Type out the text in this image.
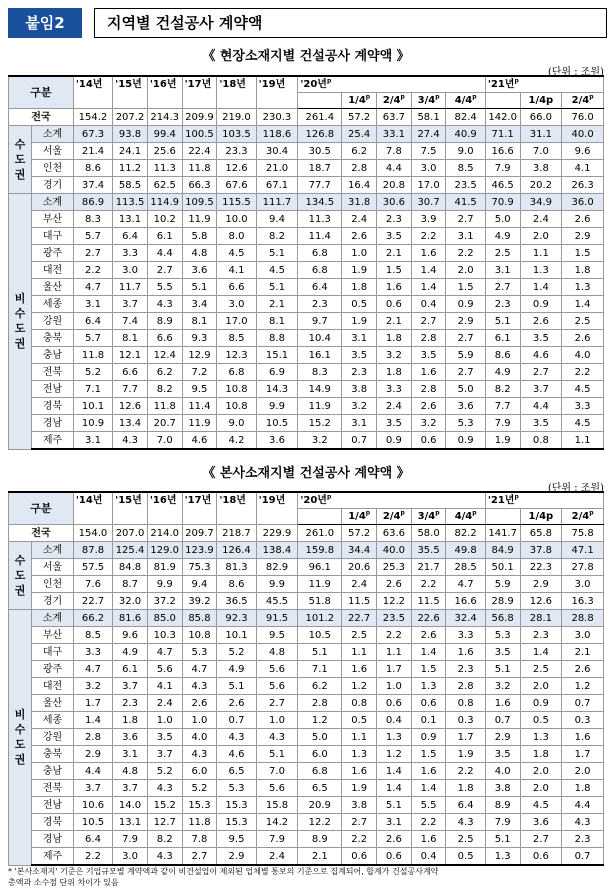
붙임2	지역별 건설공사 계약액
《 현장소재지별 건설공사 계약액 》
(단위 : 조원)
구분		'14년	'15년	'16년	'17년	'18년	'19년	'20년$^p$					'21년$^p$
									1/4$^p$	2/4$^p$	3/4$^p$	4/4$^p$		1/4p	2/4$^p$
전국		154.2	207.2	214.3	209.9	219.0	230.3	261.4	57.2	63.7	58.1	82.4	142.0	66.0	76.0

수도권	소계	67.3	93.8	99.4	100.5	103.5	118.6	126.8	25.4	33.1	27.4	40.9	71.1	31.1	40.0
	서울	21.4	24.1	25.6	22.4	23.3	30.4	30.5	6.2	7.8	7.5	9.0	16.6	7.0	9.6
	인천	8.6	11.2	11.3	11.8	12.6	21.0	18.7	2.8	4.4	3.0	8.5	7.9	3.8	4.1
	경기	37.4	58.5	62.5	66.3	67.6	67.1	77.7	16.4	20.8	17.0	23.5	46.5	20.2	26.3

비수도권	소계	86.9	113.5	114.9	109.5	115.5	111.7	134.5	31.8	30.6	30.7	41.5	70.9	34.9	36.0
	부산	8.3	13.1	10.2	11.9	10.0	9.4	11.3	2.4	2.3	3.9	2.7	5.0	2.4	2.6
	대구	5.7	6.4	6.1	5.8	8.0	8.2	11.4	2.6	3.5	2.2	3.1	4.9	2.0	2.9
	광주	2.7	3.3	4.4	4.8	4.5	5.1	6.8	1.0	2.1	1.6	2.2	2.5	1.1	1.5
	대전	2.2	3.0	2.7	3.6	4.1	4.5	6.8	1.9	1.5	1.4	2.0	3.1	1.3	1.8
	울산	4.7	11.7	5.5	5.1	6.6	5.1	6.4	1.8	1.6	1.4	1.5	2.7	1.4	1.3
	세종	3.1	3.7	4.3	3.4	3.0	2.1	2.3	0.5	0.6	0.4	0.9	2.3	0.9	1.4
	강원	6.4	7.4	8.9	8.1	17.0	8.1	9.7	1.9	2.1	2.7	2.9	5.1	2.6	2.5
	충북	5.7	8.1	6.6	9.3	8.5	8.8	10.4	3.1	1.8	2.8	2.7	6.1	3.5	2.6
	충남	11.8	12.1	12.4	12.9	12.3	15.1	16.1	3.5	3.2	3.5	5.9	8.6	4.6	4.0
	전북	5.2	6.6	6.2	7.2	6.8	6.9	8.3	2.3	1.8	1.6	2.7	4.9	2.7	2.2
	전남	7.1	7.7	8.2	9.5	10.8	14.3	14.9	3.8	3.3	2.8	5.0	8.2	3.7	4.5
	경북	10.1	12.6	11.8	11.4	10.8	9.9	11.9	3.2	2.4	2.6	3.6	7.7	4.4	3.3
	경남	10.9	13.4	20.7	11.9	9.0	10.5	15.2	3.1	3.5	3.2	5.3	7.9	3.5	4.5
	제주	3.1	4.3	7.0	4.6	4.2	3.6	3.2	0.7	0.9	0.6	0.9	1.9	0.8	1.1
《 본사소재지별 건설공사 계약액 》
(단위 : 조원)
구분		'14년	'15년	'16년	'17년	'18년	'19년	'20년$^p$					'21년$^p$
									1/4$^p$	2/4$^p$	3/4$^p$	4/4$^p$		1/4p	2/4$^p$
전국		154.0	207.0	214.0	209.7	218.7	229.9	261.0	57.2	63.6	58.0	82.2	141.7	65.8	75.8

수도권	소계	87.8	125.4	129.0	123.9	126.4	138.4	159.8	34.4	40.0	35.5	49.8	84.9	37.8	47.1
	서울	57.5	84.8	81.9	75.3	81.3	82.9	96.1	20.6	25.3	21.7	28.5	50.1	22.3	27.8
	인천	7.6	8.7	9.9	9.4	8.6	9.9	11.9	2.4	2.6	2.2	4.7	5.9	2.9	3.0
	경기	22.7	32.0	37.2	39.2	36.5	45.5	51.8	11.5	12.2	11.5	16.6	28.9	12.6	16.3

비수도권	소계	66.2	81.6	85.0	85.8	92.3	91.5	101.2	22.7	23.5	22.6	32.4	56.8	28.1	28.8
	부산	8.5	9.6	10.3	10.8	10.1	9.5	10.5	2.5	2.2	2.6	3.3	5.3	2.3	3.0
	대구	3.3	4.9	4.7	5.3	5.2	4.8	5.1	1.1	1.1	1.4	1.6	3.5	1.4	2.1
	광주	4.7	6.1	5.6	4.7	4.9	5.6	7.1	1.6	1.7	1.5	2.3	5.1	2.5	2.6
	대전	3.2	3.7	4.1	4.3	5.1	5.6	6.2	1.2	1.0	1.3	2.8	3.2	2.0	1.2
	울산	1.7	2.3	2.4	2.6	2.6	2.7	2.8	0.8	0.6	0.6	0.8	1.6	0.9	0.7
	세종	1.4	1.8	1.0	1.0	0.7	1.0	1.2	0.5	0.4	0.1	0.3	0.7	0.5	0.3
	강원	2.8	3.6	3.5	4.0	4.3	4.3	5.0	1.1	1.3	0.9	1.7	2.9	1.3	1.6
	충북	2.9	3.1	3.7	4.3	4.6	5.1	6.0	1.3	1.2	1.5	1.9	3.5	1.8	1.7
	충남	4.4	4.8	5.2	6.0	6.5	7.0	6.8	1.6	1.4	1.6	2.2	4.0	2.0	2.0
	전북	3.7	3.7	4.3	5.2	5.3	5.6	6.5	1.9	1.4	1.4	1.8	3.8	2.0	1.8
	전남	10.6	14.0	15.2	15.3	15.3	15.8	20.9	3.8	5.1	5.5	6.4	8.9	4.5	4.4
	경북	10.5	13.1	12.7	11.8	15.3	14.2	12.2	2.7	3.1	2.2	4.3	7.9	3.6	4.3
	경남	6.4	7.9	8.2	7.8	9.5	7.9	8.9	2.2	2.6	1.6	2.5	5.1	2.7	2.3
	제주	2.2	3.0	4.3	2.7	2.9	2.4	2.1	0.6	0.6	0.4	0.5	1.3	0.6	0.7
* '본사소재지' 기준은 기업규모별 계약액과 같이 비건설업이 제외된 업체별 통보의 기준으로 집계되어, 합계가 건설공사계약
총액과 소수점 단위 차이가 있음
